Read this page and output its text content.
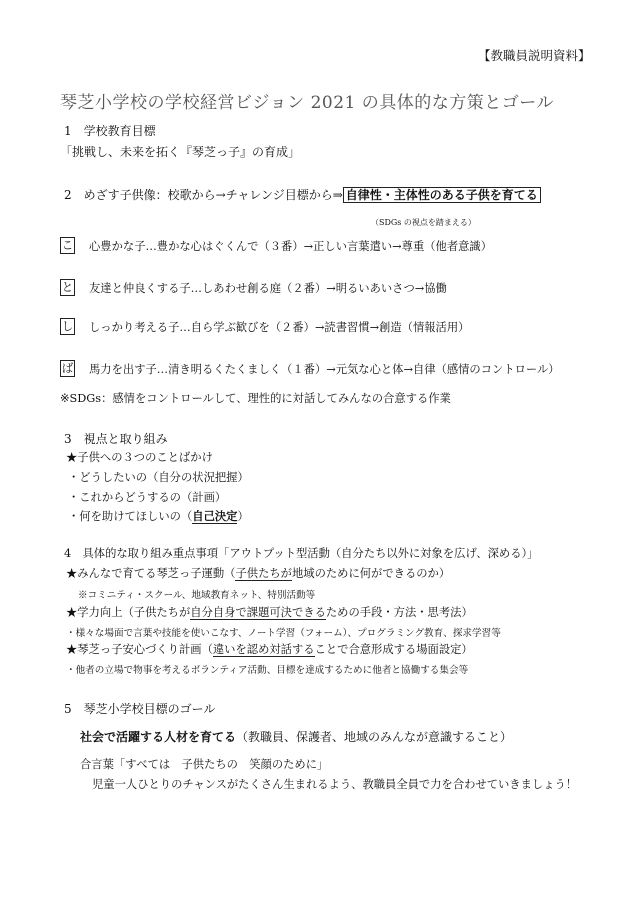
【教職員説明資料】
琴芝小学校の学校経営ビジョン 2021 の具体的な方策とゴール
1　学校教育目標
「挑戦し、未来を拓く『琴芝っ子』の育成」
2　めざす子供像：校歌から→チャレンジ目標から⇒ 自律性・主体性のある子供を育てる
（SDGs の視点を踏まえる）
こ 心豊かな子…豊かな心はぐくんで（３番）→正しい言葉遣い→尊重（他者意識）
と 友達と仲良くする子…しあわせ創る庭（２番）→明るいあいさつ→協働
し しっかり考える子…自ら学ぶ歓びを（２番）→読書習慣→創造（情報活用）
ば 馬力を出す子…清き明るくたくましく（１番）→元気な心と体→自律（感情のコントロール）
※SDGs：感情をコントロールして、理性的に対話してみんなの合意する作業
3　視点と取り組み
★子供への３つのことばかけ
・どうしたいの（自分の状況把握）
・これからどうするの（計画）
・何を助けてほしいの（自己決定）
4　具体的な取り組み重点事項「アウトプット型活動（自分たち以外に対象を広げ、深める）」
★みんなで育てる琴芝っ子運動（子供たちが地域のために何ができるのか）
※コミニティ・スクール、地域教育ネット、特別活動等
★学力向上（子供たちが自分自身で課題可決できるための手段・方法・思考法）
・様々な場面で言葉や技能を使いこなす、ノート学習（フォーム）、プログラミング教育、探求学習等
★琴芝っ子安心づくり計画（違いを認め対話することで合意形成する場面設定）
・他者の立場で物事を考えるボランティア活動、目標を達成するために他者と協働する集会等
5　琴芝小学校目標のゴール
社会で活躍する人材を育てる（教職員、保護者、地域のみんなが意識すること）
合言葉「すべては　子供たちの　笑顔のために」
児童一人ひとりのチャンスがたくさん生まれるよう、教職員全員で力を合わせていきましょう！
